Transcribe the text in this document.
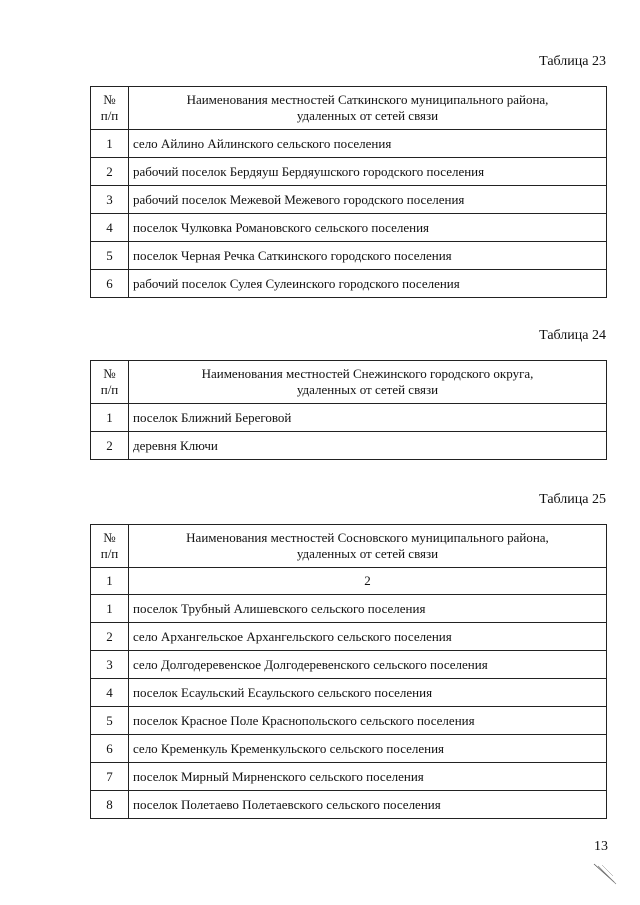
Таблица 23
№
п/п	Наименования местностей Саткинского муниципального района,
удаленных от сетей связи

1	село Айлино Айлинского сельского поселения
2	рабочий поселок Бердяуш Бердяушского городского поселения
3	рабочий поселок Межевой Межевого городского поселения
4	поселок Чулковка Романовского сельского поселения
5	поселок Черная Речка Саткинского городского поселения
6	рабочий поселок Сулея Сулеинского городского поселения
Таблица 24
№
п/п	Наименования местностей Снежинского городского округа,
удаленных от сетей связи

1	поселок Ближний Береговой
2	деревня Ключи
Таблица 25
№
п/п	Наименования местностей Сосновского муниципального района,
удаленных от сетей связи

1	2
1	поселок Трубный Алишевского сельского поселения
2	село Архангельское Архангельского сельского поселения
3	село Долгодеревенское Долгодеревенского сельского поселения
4	поселок Есаульский Есаульского сельского поселения
5	поселок Красное Поле Краснопольского сельского поселения
6	село Кременкуль Кременкульского сельского поселения
7	поселок Мирный Мирненского сельского поселения
8	поселок Полетаево Полетаевского сельского поселения
13
